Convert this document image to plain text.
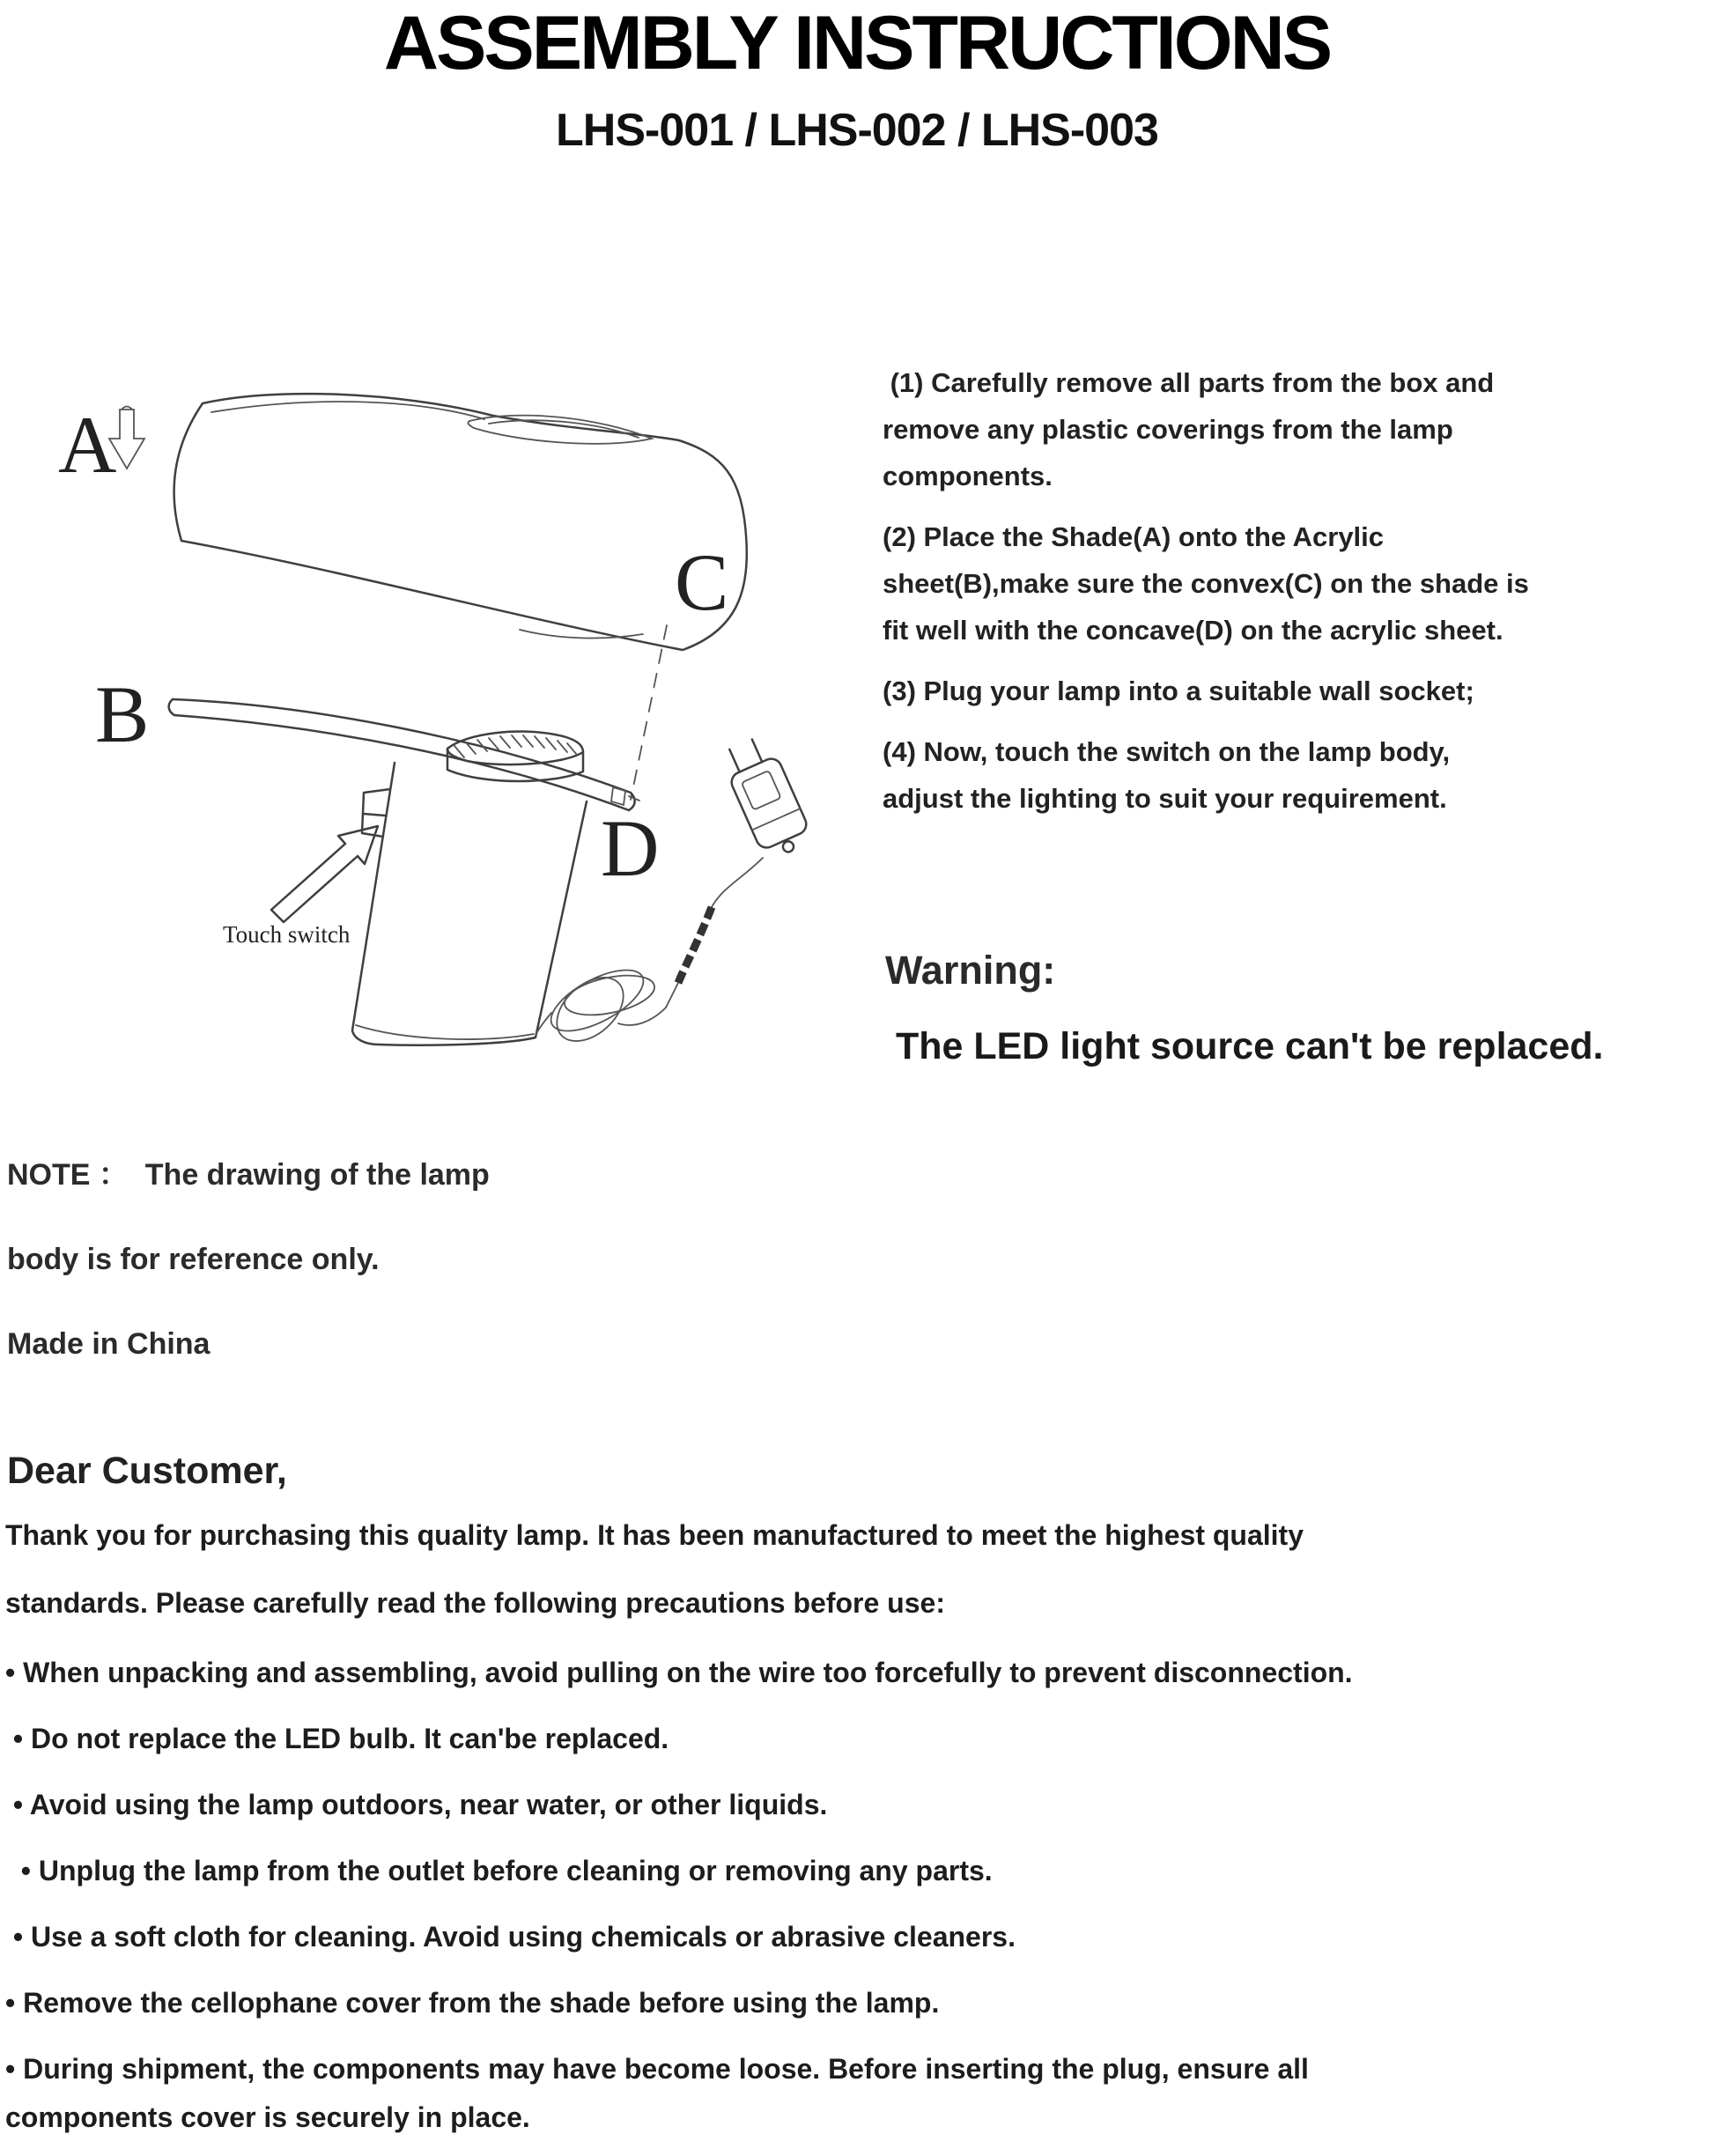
ASSEMBLY INSTRUCTIONS
LHS-001 / LHS-002 / LHS-003
A
B
C
D
Touch switch
(1) Carefully remove all parts from the box and
remove any plastic coverings from the lamp
components.
(2) Place the Shade(A) onto the Acrylic
sheet(B),make sure the convex(C) on the shade is
fit well with the concave(D) on the acrylic sheet.
(3) Plug your lamp into a suitable wall socket;
(4) Now, touch the switch on the lamp body,
adjust the lighting to suit your requirement.
Warning:
The LED light source can't be replaced.
NOTE ：  The drawing of the lamp
body is for reference only.
Made in China
Dear Customer,
Thank you for purchasing this quality lamp. It has been manufactured to meet the highest quality
standards. Please carefully read the following precautions before use:
• When unpacking and assembling, avoid pulling on the wire too forcefully to prevent disconnection.
• Do not replace the LED bulb. It can'be replaced.
• Avoid using the lamp outdoors, near water, or other liquids.
• Unplug the lamp from the outlet before cleaning or removing any parts.
• Use a soft cloth for cleaning. Avoid using chemicals or abrasive cleaners.
• Remove the cellophane cover from the shade before using the lamp.
• During shipment, the components may have become loose. Before inserting the plug, ensure all
components cover is securely in place.
